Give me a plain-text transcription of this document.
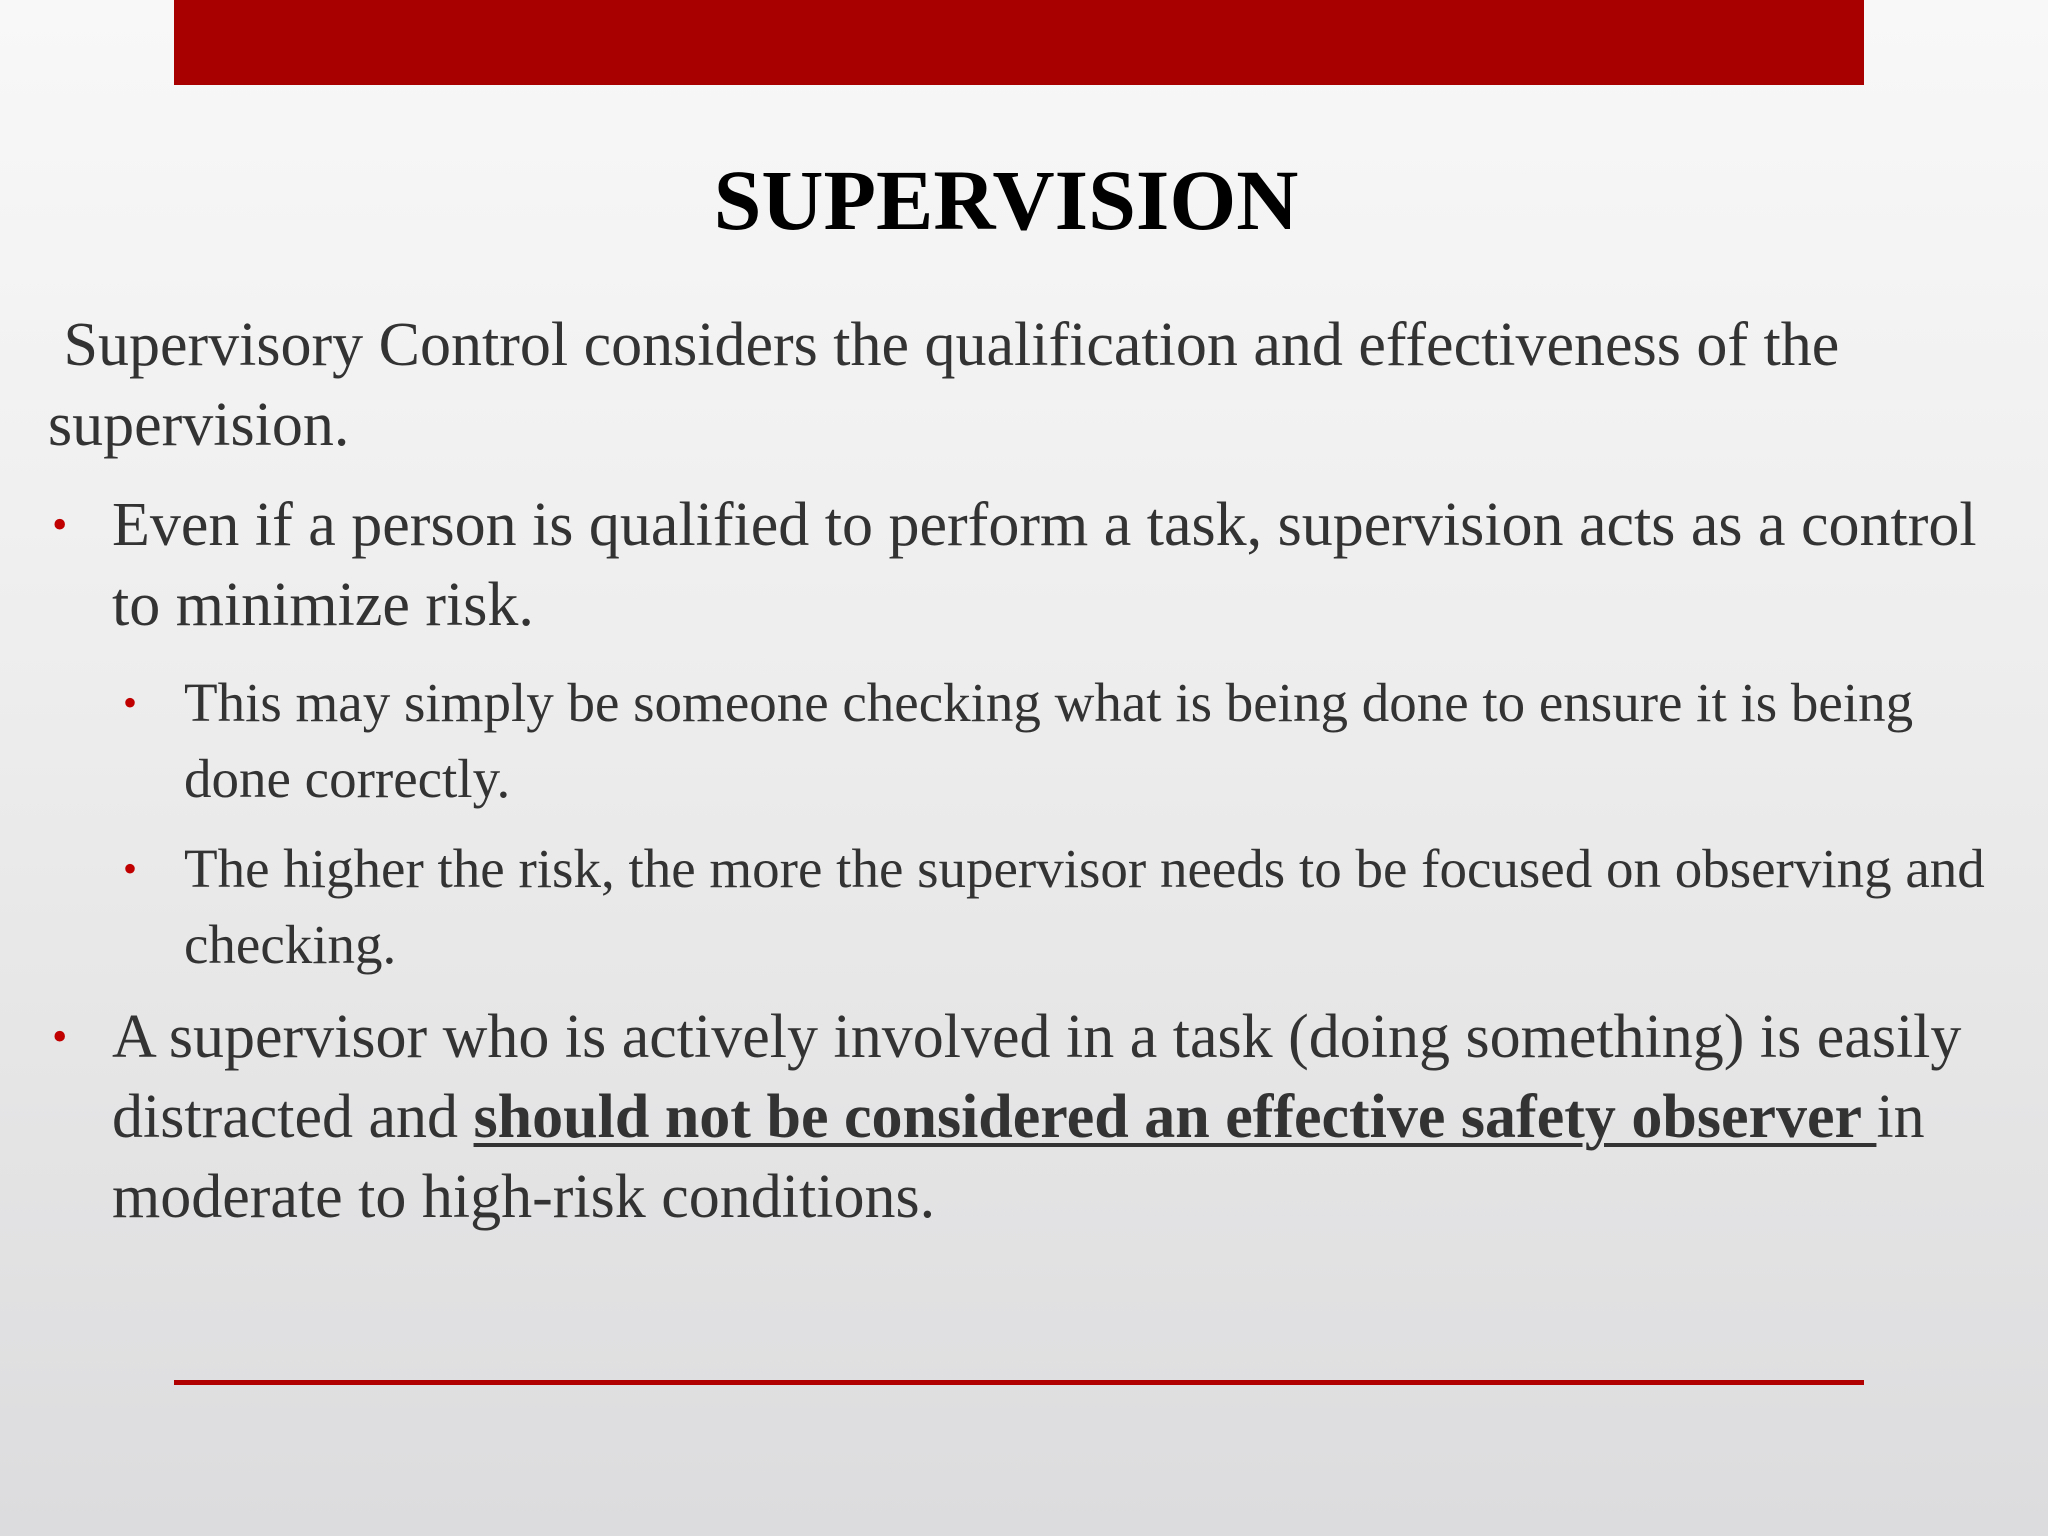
SUPERVISION

Supervisory Control considers the qualification and effectiveness of the supervision.

• Even if a person is qualified to perform a task, supervision acts as a control to minimize risk.
• This may simply be someone checking what is being done to ensure it is being done correctly.
• The higher the risk, the more the supervisor needs to be focused on observing and checking.
• A supervisor who is actively involved in a task (doing something) is easily distracted and should not be considered an effective safety observer in moderate to high-risk conditions.
